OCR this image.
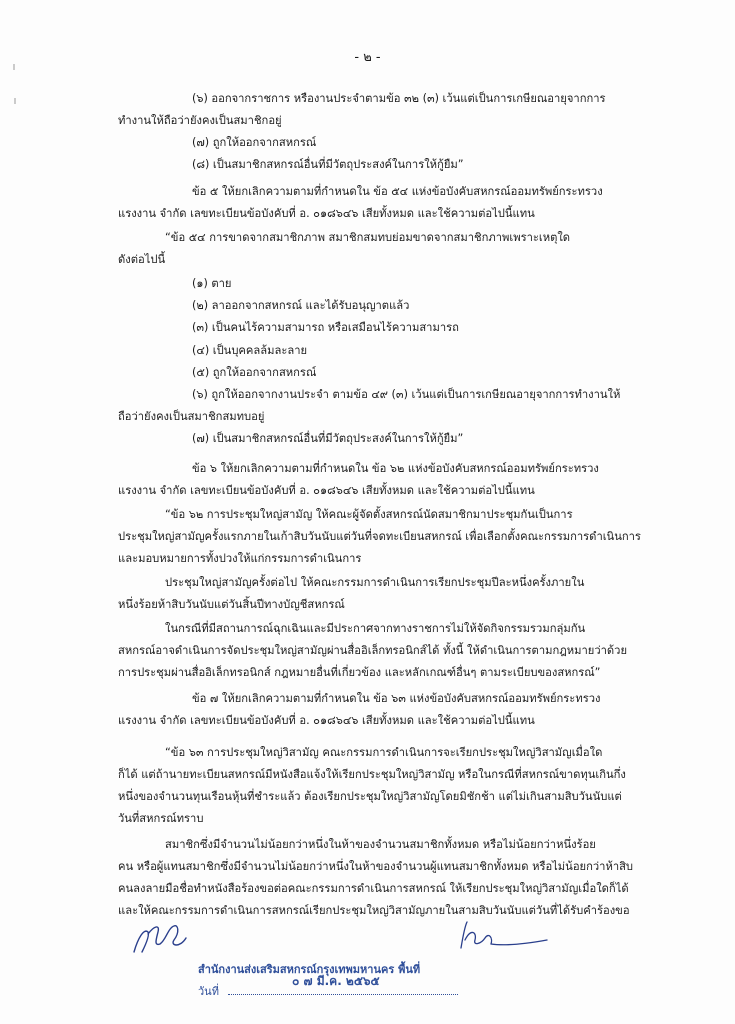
- ๒ -
(๖) ออกจากราชการ หรืองานประจำตามข้อ ๓๒ (๓) เว้นแต่เป็นการเกษียณอายุจากการ
ทำงานให้ถือว่ายังคงเป็นสมาชิกอยู่
(๗) ถูกให้ออกจากสหกรณ์
(๘) เป็นสมาชิกสหกรณ์อื่นที่มีวัตถุประสงค์ในการให้กู้ยืม”
ข้อ ๕ ให้ยกเลิกความตามที่กำหนดใน ข้อ ๕๔ แห่งข้อบังคับสหกรณ์ออมทรัพย์กระทรวง
แรงงาน จำกัด เลขทะเบียนข้อบังคับที่ อ. ๐๑๘๖๔๖ เสียทั้งหมด และใช้ความต่อไปนี้แทน
“ข้อ ๕๔ การขาดจากสมาชิกภาพ สมาชิกสมทบย่อมขาดจากสมาชิกภาพเพราะเหตุใด
ดังต่อไปนี้
(๑) ตาย
(๒) ลาออกจากสหกรณ์ และได้รับอนุญาตแล้ว
(๓) เป็นคนไร้ความสามารถ หรือเสมือนไร้ความสามารถ
(๔) เป็นบุคคลล้มละลาย
(๕) ถูกให้ออกจากสหกรณ์
(๖) ถูกให้ออกจากงานประจำ ตามข้อ ๔๙ (๓) เว้นแต่เป็นการเกษียณอายุจากการทำงานให้
ถือว่ายังคงเป็นสมาชิกสมทบอยู่
(๗) เป็นสมาชิกสหกรณ์อื่นที่มีวัตถุประสงค์ในการให้กู้ยืม”
ข้อ ๖ ให้ยกเลิกความตามที่กำหนดใน ข้อ ๖๒ แห่งข้อบังคับสหกรณ์ออมทรัพย์กระทรวง
แรงงาน จำกัด เลขทะเบียนข้อบังคับที่ อ. ๐๑๘๖๔๖ เสียทั้งหมด และใช้ความต่อไปนี้แทน
“ข้อ ๖๒ การประชุมใหญ่สามัญ ให้คณะผู้จัดตั้งสหกรณ์นัดสมาชิกมาประชุมกันเป็นการ
ประชุมใหญ่สามัญครั้งแรกภายในเก้าสิบวันนับแต่วันที่จดทะเบียนสหกรณ์ เพื่อเลือกตั้งคณะกรรมการดำเนินการ
และมอบหมายการทั้งปวงให้แก่กรรมการดำเนินการ
ประชุมใหญ่สามัญครั้งต่อไป ให้คณะกรรมการดำเนินการเรียกประชุมปีละหนึ่งครั้งภายใน
หนึ่งร้อยห้าสิบวันนับแต่วันสิ้นปีทางบัญชีสหกรณ์
ในกรณีที่มีสถานการณ์ฉุกเฉินและมีประกาศจากทางราชการไม่ให้จัดกิจกรรมรวมกลุ่มกัน
สหกรณ์อาจดำเนินการจัดประชุมใหญ่สามัญผ่านสื่ออิเล็กทรอนิกส์ได้ ทั้งนี้ ให้ดำเนินการตามกฎหมายว่าด้วย
การประชุมผ่านสื่ออิเล็กทรอนิกส์ กฎหมายอื่นที่เกี่ยวข้อง และหลักเกณฑ์อื่นๆ ตามระเบียบของสหกรณ์”
ข้อ ๗ ให้ยกเลิกความตามที่กำหนดใน ข้อ ๖๓ แห่งข้อบังคับสหกรณ์ออมทรัพย์กระทรวง
แรงงาน จำกัด เลขทะเบียนข้อบังคับที่ อ. ๐๑๘๖๔๖ เสียทั้งหมด และใช้ความต่อไปนี้แทน
“ข้อ ๖๓ การประชุมใหญ่วิสามัญ คณะกรรมการดำเนินการจะเรียกประชุมใหญ่วิสามัญเมื่อใด
ก็ได้ แต่ถ้านายทะเบียนสหกรณ์มีหนังสือแจ้งให้เรียกประชุมใหญ่วิสามัญ หรือในกรณีที่สหกรณ์ขาดทุนเกินกึ่ง
หนึ่งของจำนวนทุนเรือนหุ้นที่ชำระแล้ว ต้องเรียกประชุมใหญ่วิสามัญโดยมิชักช้า แต่ไม่เกินสามสิบวันนับแต่
วันที่สหกรณ์ทราบ
สมาชิกซึ่งมีจำนวนไม่น้อยกว่าหนึ่งในห้าของจำนวนสมาชิกทั้งหมด หรือไม่น้อยกว่าหนึ่งร้อย
คน หรือผู้แทนสมาชิกซึ่งมีจำนวนไม่น้อยกว่าหนึ่งในห้าของจำนวนผู้แทนสมาชิกทั้งหมด หรือไม่น้อยกว่าห้าสิบ
คนลงลายมือชื่อทำหนังสือร้องขอต่อคณะกรรมการดำเนินการสหกรณ์ ให้เรียกประชุมใหญ่วิสามัญเมื่อใดก็ได้
และให้คณะกรรมการดำเนินการสหกรณ์เรียกประชุมใหญ่วิสามัญภายในสามสิบวันนับแต่วันที่ได้รับคำร้องขอ
สำนักงานส่งเสริมสหกรณ์กรุงเทพมหานคร พื้นที่
๐ ๗ มี.ค. ๒๕๖๕
วันที่
